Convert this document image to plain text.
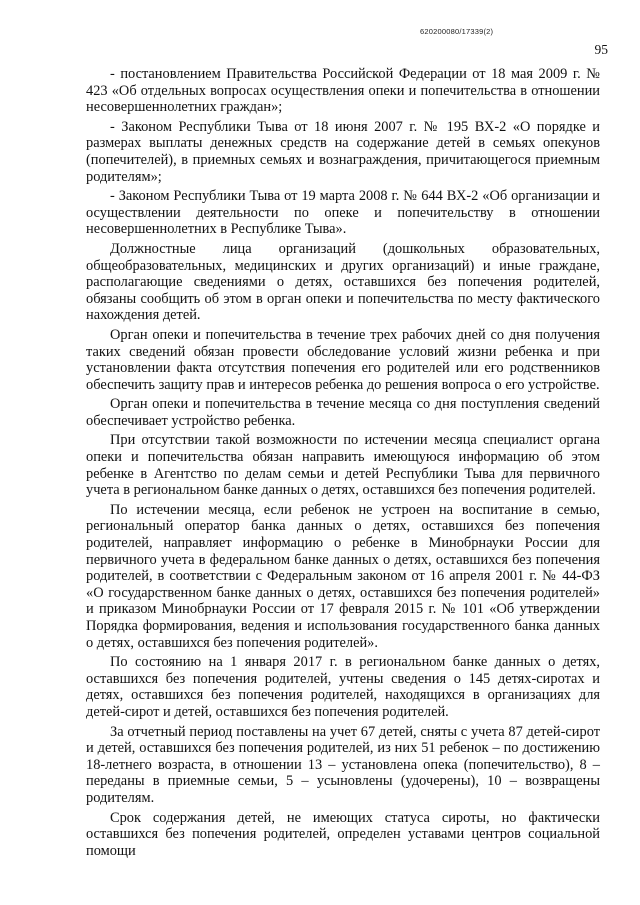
620200080/17339(2)
95

- постановлением Правительства Российской Федерации от 18 мая 2009 г. № 423 «Об отдельных вопросах осуществления опеки и попечительства в отношении несовершеннолетних граждан»;

- Законом Республики Тыва от 18 июня 2007 г. № 195 ВХ-2 «О порядке и размерах выплаты денежных средств на содержание детей в семьях опекунов (попечителей), в приемных семьях и вознаграждения, причитающегося приемным родителям»;

- Законом Республики Тыва от 19 марта 2008 г. № 644 ВХ-2 «Об организации и осуществлении деятельности по опеке и попечительству в отношении несовершеннолетних в Республике Тыва».

Должностные лица организаций (дошкольных образовательных, общеобразовательных, медицинских и других организаций) и иные граждане, располагающие сведениями о детях, оставшихся без попечения родителей, обязаны сообщить об этом в орган опеки и попечительства по месту фактического нахождения детей.

Орган опеки и попечительства в течение трех рабочих дней со дня получения таких сведений обязан провести обследование условий жизни ребенка и при установлении факта отсутствия попечения его родителей или его родственников обеспечить защиту прав и интересов ребенка до решения вопроса о его устройстве.

Орган опеки и попечительства в течение месяца со дня поступления сведений обеспечивает устройство ребенка.

При отсутствии такой возможности по истечении месяца специалист органа опеки и попечительства обязан направить имеющуюся информацию об этом ребенке в Агентство по делам семьи и детей Республики Тыва для первичного учета в региональном банке данных о детях, оставшихся без попечения родителей.

По истечении месяца, если ребенок не устроен на воспитание в семью, региональный оператор банка данных о детях, оставшихся без попечения родителей, направляет информацию о ребенке в Минобрнауки России для первичного учета в федеральном банке данных о детях, оставшихся без попечения родителей, в соответствии с Федеральным законом от 16 апреля 2001 г. № 44-ФЗ «О государственном банке данных о детях, оставшихся без попечения родителей» и приказом Минобрнауки России от 17 февраля 2015 г. № 101 «Об утверждении Порядка формирования, ведения и использования государственного банка данных о детях, оставшихся без попечения родителей».

По состоянию на 1 января 2017 г. в региональном банке данных о детях, оставшихся без попечения родителей, учтены сведения о 145 детях-сиротах и детях, оставшихся без попечения родителей, находящихся в организациях для детей-сирот и детей, оставшихся без попечения родителей.

За отчетный период поставлены на учет 67 детей, сняты с учета 87 детей-сирот и детей, оставшихся без попечения родителей, из них 51 ребенок – по достижению 18-летнего возраста, в отношении 13 – установлена опека (попечительство), 8 – переданы в приемные семьи, 5 – усыновлены (удочерены), 10 – возвращены родителям.

Срок содержания детей, не имеющих статуса сироты, но фактически оставшихся без попечения родителей, определен уставами центров социальной помощи
